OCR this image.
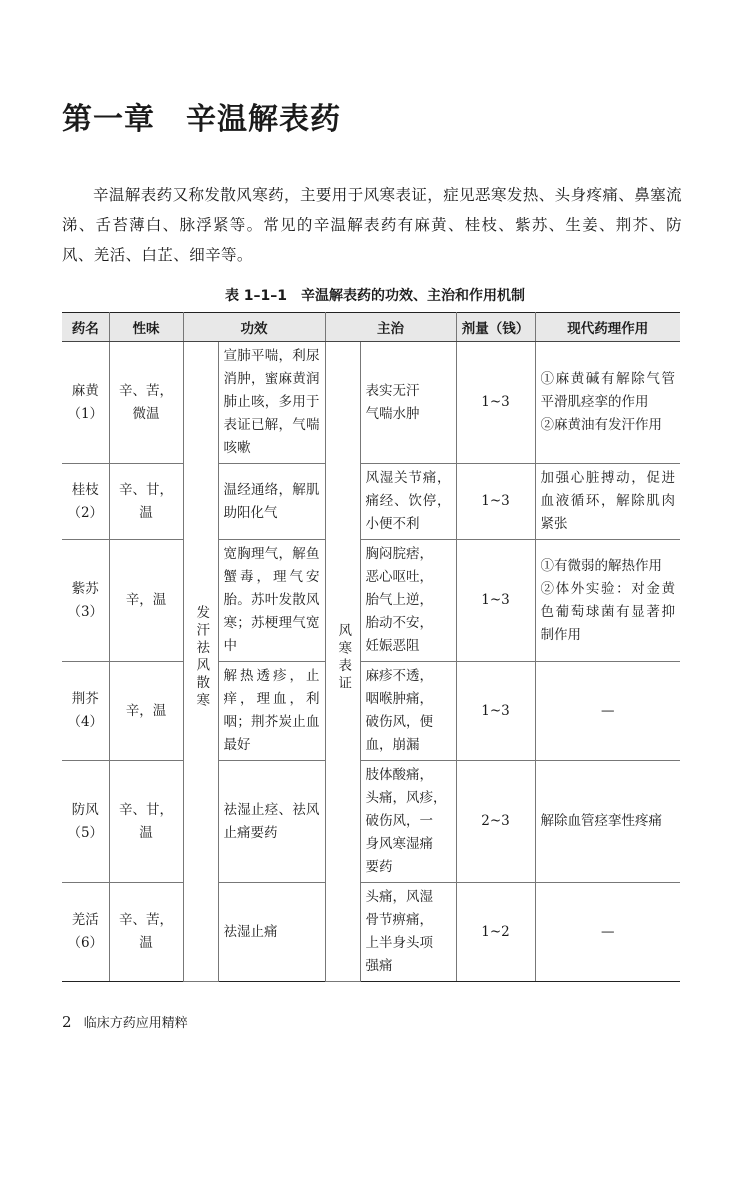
第一章　辛温解表药

辛温解表药又称发散风寒药，主要用于风寒表证，症见恶寒发热、头身疼痛、鼻塞流涕、舌苔薄白、脉浮紧等。常见的辛温解表药有麻黄、桂枝、紫苏、生姜、荆芥、防风、羌活、白芷、细辛等。

表 1–1–1　辛温解表药的功效、主治和作用机制
药名	性味	功效		主治		剂量（钱）	现代药理作用

麻黄
（1）	辛、苦，
微温	发汗祛风散寒	宣肺平喘，利尿消肿，蜜麻黄润肺止咳，多用于表证已解，气喘咳嗽	风寒表证	表实无汗
气喘水肿	1~3	①麻黄碱有解除气管平滑肌痉挛的作用
②麻黄油有发汗作用

桂枝
（2）	辛、甘，
温		温经通络，解肌助阳化气		风湿关节痛，痛经、饮停，小便不利	1~3	加强心脏搏动，促进血液循环，解除肌肉紧张

紫苏
（3）	辛，温		宽胸理气，解鱼蟹毒，理气安胎。苏叶发散风寒；苏梗理气宽中		胸闷脘痞，
恶心呕吐，
胎气上逆，
胎动不安，
妊娠恶阻	1~3	①有微弱的解热作用
②体外实验：对金黄色葡萄球菌有显著抑制作用

荆芥
（4）	辛，温		解热透疹，止痒，理血，利咽；荆芥炭止血最好		麻疹不透，
咽喉肿痛，
破伤风，便
血，崩漏	1~3	—

防风
（5）	辛、甘，
温		祛湿止痉、祛风止痛要药		肢体酸痛，
头痛，风疹，
破伤风，一
身风寒湿痛
要药	2~3	解除血管痉挛性疼痛

羌活
（6）	辛、苦，
温		祛湿止痛		头痛，风湿
骨节痹痛，
上半身头项
强痛	1~2	—
2 临床方药应用精粹
